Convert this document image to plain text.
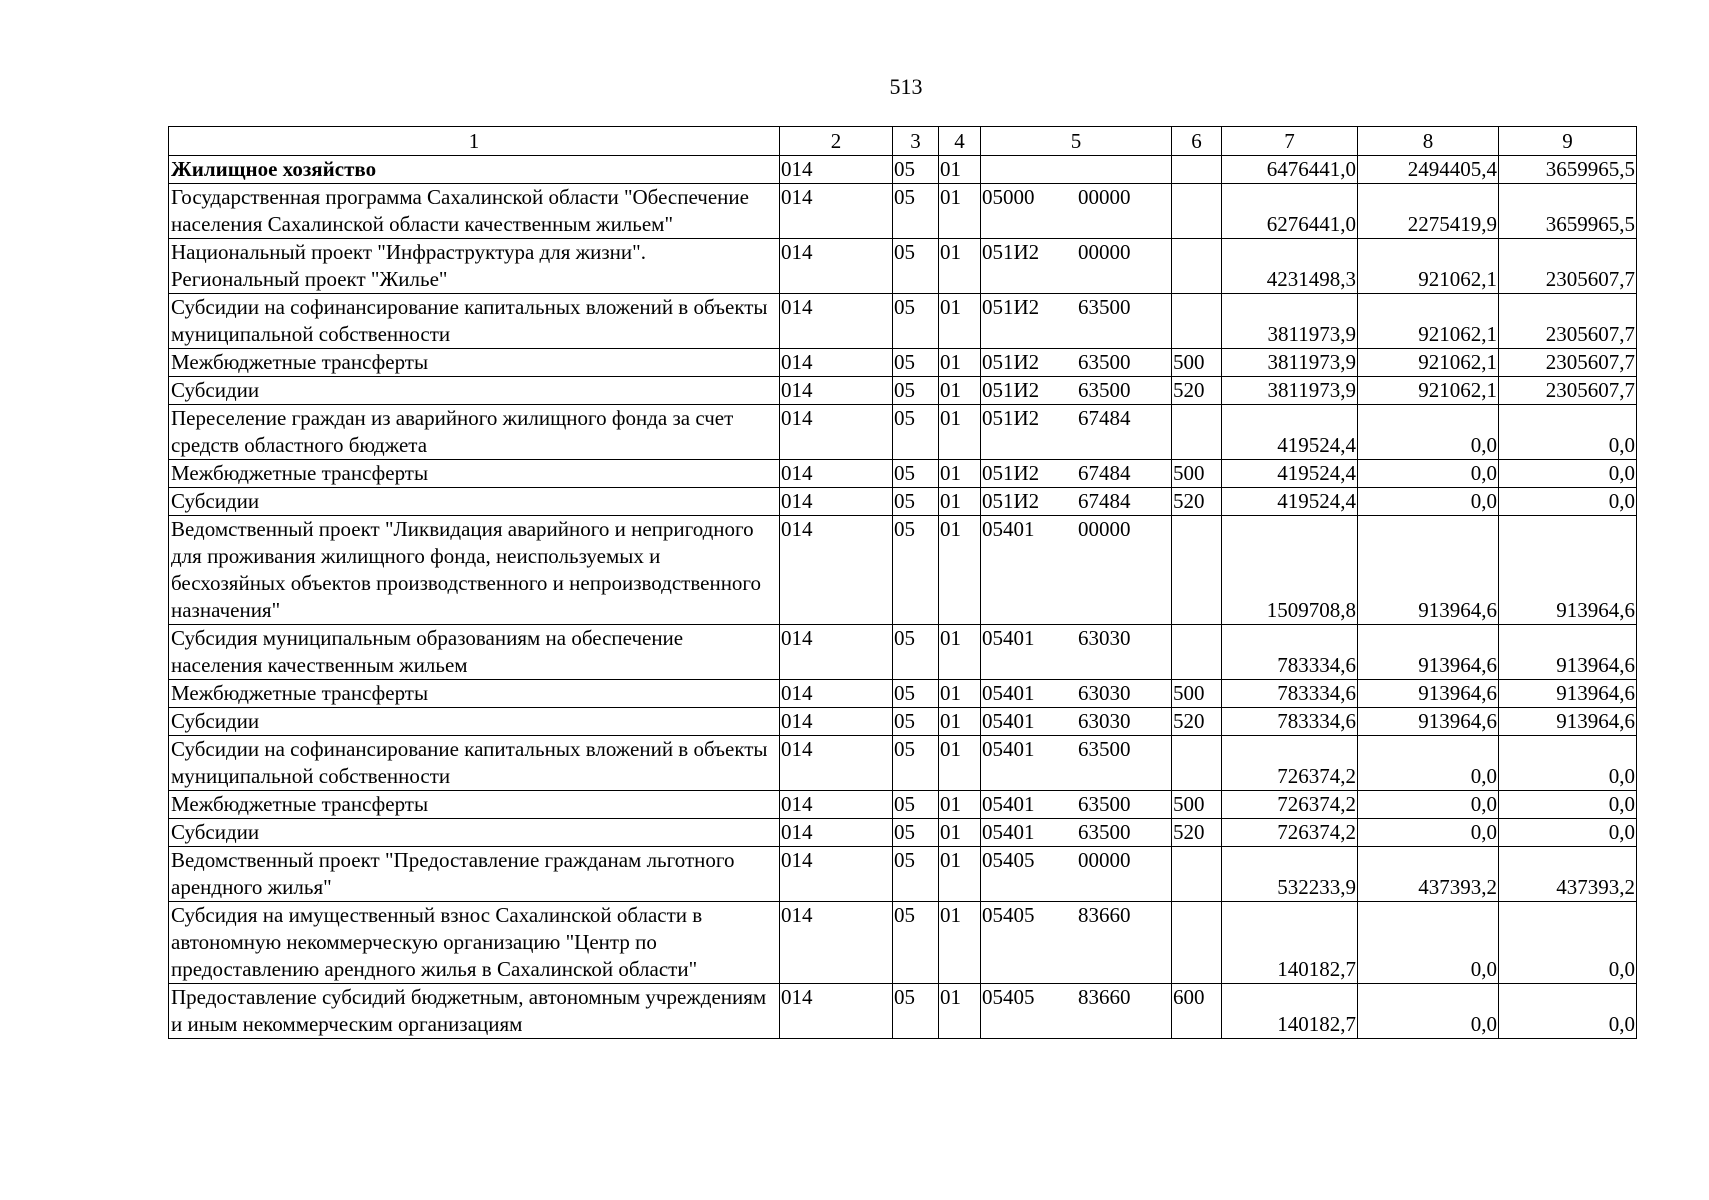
513
1	2	3	4	5	6	7	8	9
Жилищное хозяйство	014	05	01			6476441,0	2494405,4	3659965,5
Государственная программа Сахалинской области "Обеспечение населения Сахалинской области качественным жильем"	014	05	01	05000 00000		6276441,0	2275419,9	3659965,5
Национальный проект "Инфраструктура для жизни". Региональный проект "Жилье"	014	05	01	051И2 00000		4231498,3	921062,1	2305607,7
Субсидии на софинансирование капитальных вложений в объекты муниципальной собственности	014	05	01	051И2 63500		3811973,9	921062,1	2305607,7
Межбюджетные трансферты	014	05	01	051И2 63500	500	3811973,9	921062,1	2305607,7
Субсидии	014	05	01	051И2 63500	520	3811973,9	921062,1	2305607,7
Переселение граждан из аварийного жилищного фонда за счет средств областного бюджета	014	05	01	051И2 67484		419524,4	0,0	0,0
Межбюджетные трансферты	014	05	01	051И2 67484	500	419524,4	0,0	0,0
Субсидии	014	05	01	051И2 67484	520	419524,4	0,0	0,0
Ведомственный проект "Ликвидация аварийного и непригодного для проживания жилищного фонда, неиспользуемых и бесхозяйных объектов производственного и непроизводственного назначения"	014	05	01	05401 00000		1509708,8	913964,6	913964,6
Субсидия муниципальным образованиям на обеспечение населения качественным жильем	014	05	01	05401 63030		783334,6	913964,6	913964,6
Межбюджетные трансферты	014	05	01	05401 63030	500	783334,6	913964,6	913964,6
Субсидии	014	05	01	05401 63030	520	783334,6	913964,6	913964,6
Субсидии на софинансирование капитальных вложений в объекты муниципальной собственности	014	05	01	05401 63500		726374,2	0,0	0,0
Межбюджетные трансферты	014	05	01	05401 63500	500	726374,2	0,0	0,0
Субсидии	014	05	01	05401 63500	520	726374,2	0,0	0,0
Ведомственный проект "Предоставление гражданам льготного арендного жилья"	014	05	01	05405 00000		532233,9	437393,2	437393,2
Субсидия на имущественный взнос Сахалинской области в автономную некоммерческую организацию "Центр по предоставлению арендного жилья в Сахалинской области"	014	05	01	05405 83660		140182,7	0,0	0,0
Предоставление субсидий бюджетным, автономным учреждениям и иным некоммерческим организациям	014	05	01	05405 83660	600	140182,7	0,0	0,0
